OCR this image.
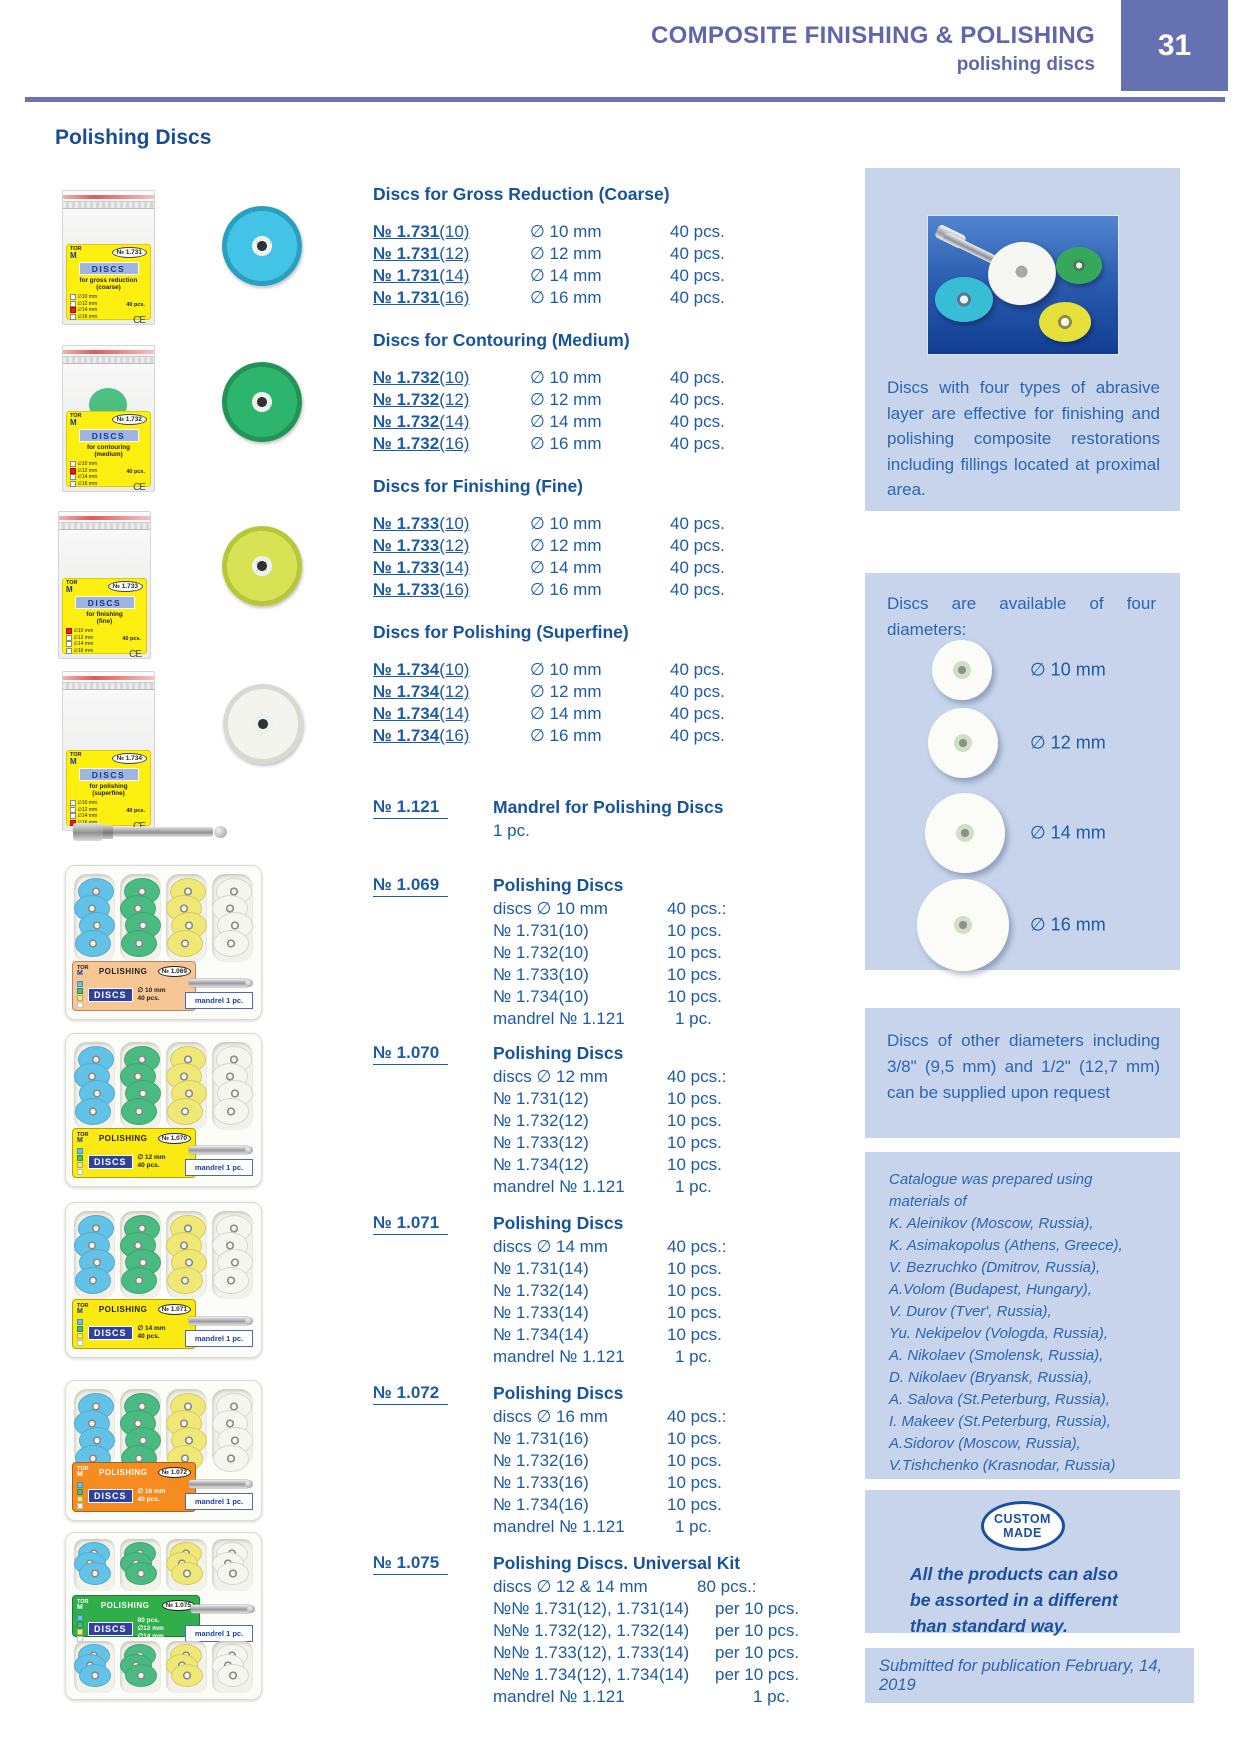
COMPOSITE FINISHING & POLISHING
polishing discs
31
Polishing Discs
TOR
M	№ 1.731
DISCS
for gross reduction
(coarse)
∅10 mm
∅12 mm
∅14 mm
∅16 mm
40 pcs.
CE
TOR
M	№ 1.732
DISCS
for contouring
(medium)
∅10 mm
∅12 mm
∅14 mm
∅16 mm
40 pcs.
CE
TOR
M	№ 1.733
DISCS
for finishing
(fine)
∅10 mm
∅12 mm
∅14 mm
∅16 mm
40 pcs.
CE
TOR
M	№ 1.734
DISCS
for polishing
(superfine)
∅10 mm
∅12 mm
∅14 mm
40 pcs.
TOR
M	POLISHING	№ 1.069
DISCS	∅ 10 mm
40 pcs.	mandrel 1 pc.
TOR
M	POLISHING	№ 1.070
DISCS	∅ 12 mm
40 pcs.	mandrel 1 pc.
TOR
M	POLISHING	№ 1.071
DISCS	∅ 14 mm
40 pcs.	mandrel 1 pc.
TOR
M	POLISHING	№ 1.072
DISCS	∅ 16 mm
40 pcs.	mandrel 1 pc.
TOR
M	POLISHING	№ 1.075
DISCS
80 pcs.
∅12 mm
∅14 mm	mandrel 1 pc.
Discs for Gross Reduction (Coarse)
№ 1.731(10)	∅ 10 mm	40 pcs.
№ 1.731(12)	∅ 12 mm	40 pcs.
№ 1.731(14)	∅ 14 mm	40 pcs.
№ 1.731(16)	∅ 16 mm	40 pcs.
Discs for Contouring (Medium)
№ 1.732(10)	∅ 10 mm	40 pcs.
№ 1.732(12)	∅ 12 mm	40 pcs.
№ 1.732(14)	∅ 14 mm	40 pcs.
№ 1.732(16)	∅ 16 mm	40 pcs.
Discs for Finishing (Fine)
№ 1.733(10)	∅ 10 mm	40 pcs.
№ 1.733(12)	∅ 12 mm	40 pcs.
№ 1.733(14)	∅ 14 mm	40 pcs.
№ 1.733(16)	∅ 16 mm	40 pcs.
Discs for Polishing (Superfine)
№ 1.734(10)	∅ 10 mm	40 pcs.
№ 1.734(12)	∅ 12 mm	40 pcs.
№ 1.734(14)	∅ 14 mm	40 pcs.
№ 1.734(16)	∅ 16 mm	40 pcs.
№ 1.121	Mandrel for Polishing Discs
1 pc.
№ 1.069	Polishing Discs
discs ∅ 10 mm	40 pcs.:
№ 1.731(10)	10 pcs.
№ 1.732(10)	10 pcs.
№ 1.733(10)	10 pcs.
№ 1.734(10)	10 pcs.
mandrel № 1.121	1 pc.
№ 1.070	Polishing Discs
discs ∅ 12 mm	40 pcs.:
№ 1.731(12)	10 pcs.
№ 1.732(12)	10 pcs.
№ 1.733(12)	10 pcs.
№ 1.734(12)	10 pcs.
mandrel № 1.121	1 pc.
№ 1.071	Polishing Discs
discs ∅ 14 mm	40 pcs.:
№ 1.731(14)	10 pcs.
№ 1.732(14)	10 pcs.
№ 1.733(14)	10 pcs.
№ 1.734(14)	10 pcs.
mandrel № 1.121	1 pc.
№ 1.072	Polishing Discs
discs ∅ 16 mm	40 pcs.:
№ 1.731(16)	10 pcs.
№ 1.732(16)	10 pcs.
№ 1.733(16)	10 pcs.
№ 1.734(16)	10 pcs.
mandrel № 1.121	1 pc.
№ 1.075	Polishing Discs. Universal Kit
discs ∅ 12 & 14 mm	80 pcs.:
№№ 1.731(12), 1.731(14)	per 10 pcs.
№№ 1.732(12), 1.732(14)	per 10 pcs.
№№ 1.733(12), 1.733(14)	per 10 pcs.
№№ 1.734(12), 1.734(14)	per 10 pcs.
mandrel № 1.121	1 pc.
Discs with four types of abrasive layer are effective for finishing and polishing composite restorations including fillings located at proximal area.
Discs are available of four diameters:
∅ 10 mm
∅ 12 mm
∅ 14 mm
∅ 16 mm
Discs of other diameters including 3/8" (9,5 mm) and 1/2" (12,7 mm) can be supplied upon request
Catalogue was prepared using
materials of
K. Aleinikov (Moscow, Russia),
K. Asimakopolus (Athens, Greece),
V. Bezruchko (Dmitrov, Russia),
A.Volom (Budapest, Hungary),
V. Durov (Tver', Russia),
Yu. Nekipelov (Vologda, Russia),
A. Nikolaev (Smolensk, Russia),
D. Nikolaev (Bryansk, Russia),
A. Salova (St.Peterburg, Russia),
I. Makeev (St.Peterburg, Russia),
A.Sidorov (Moscow, Russia),
V.Tishchenko (Krasnodar, Russia)
CUSTOM
MADE
All the products can also
be assorted in a different
than standard way.
Submitted for publication February, 14, 2019
